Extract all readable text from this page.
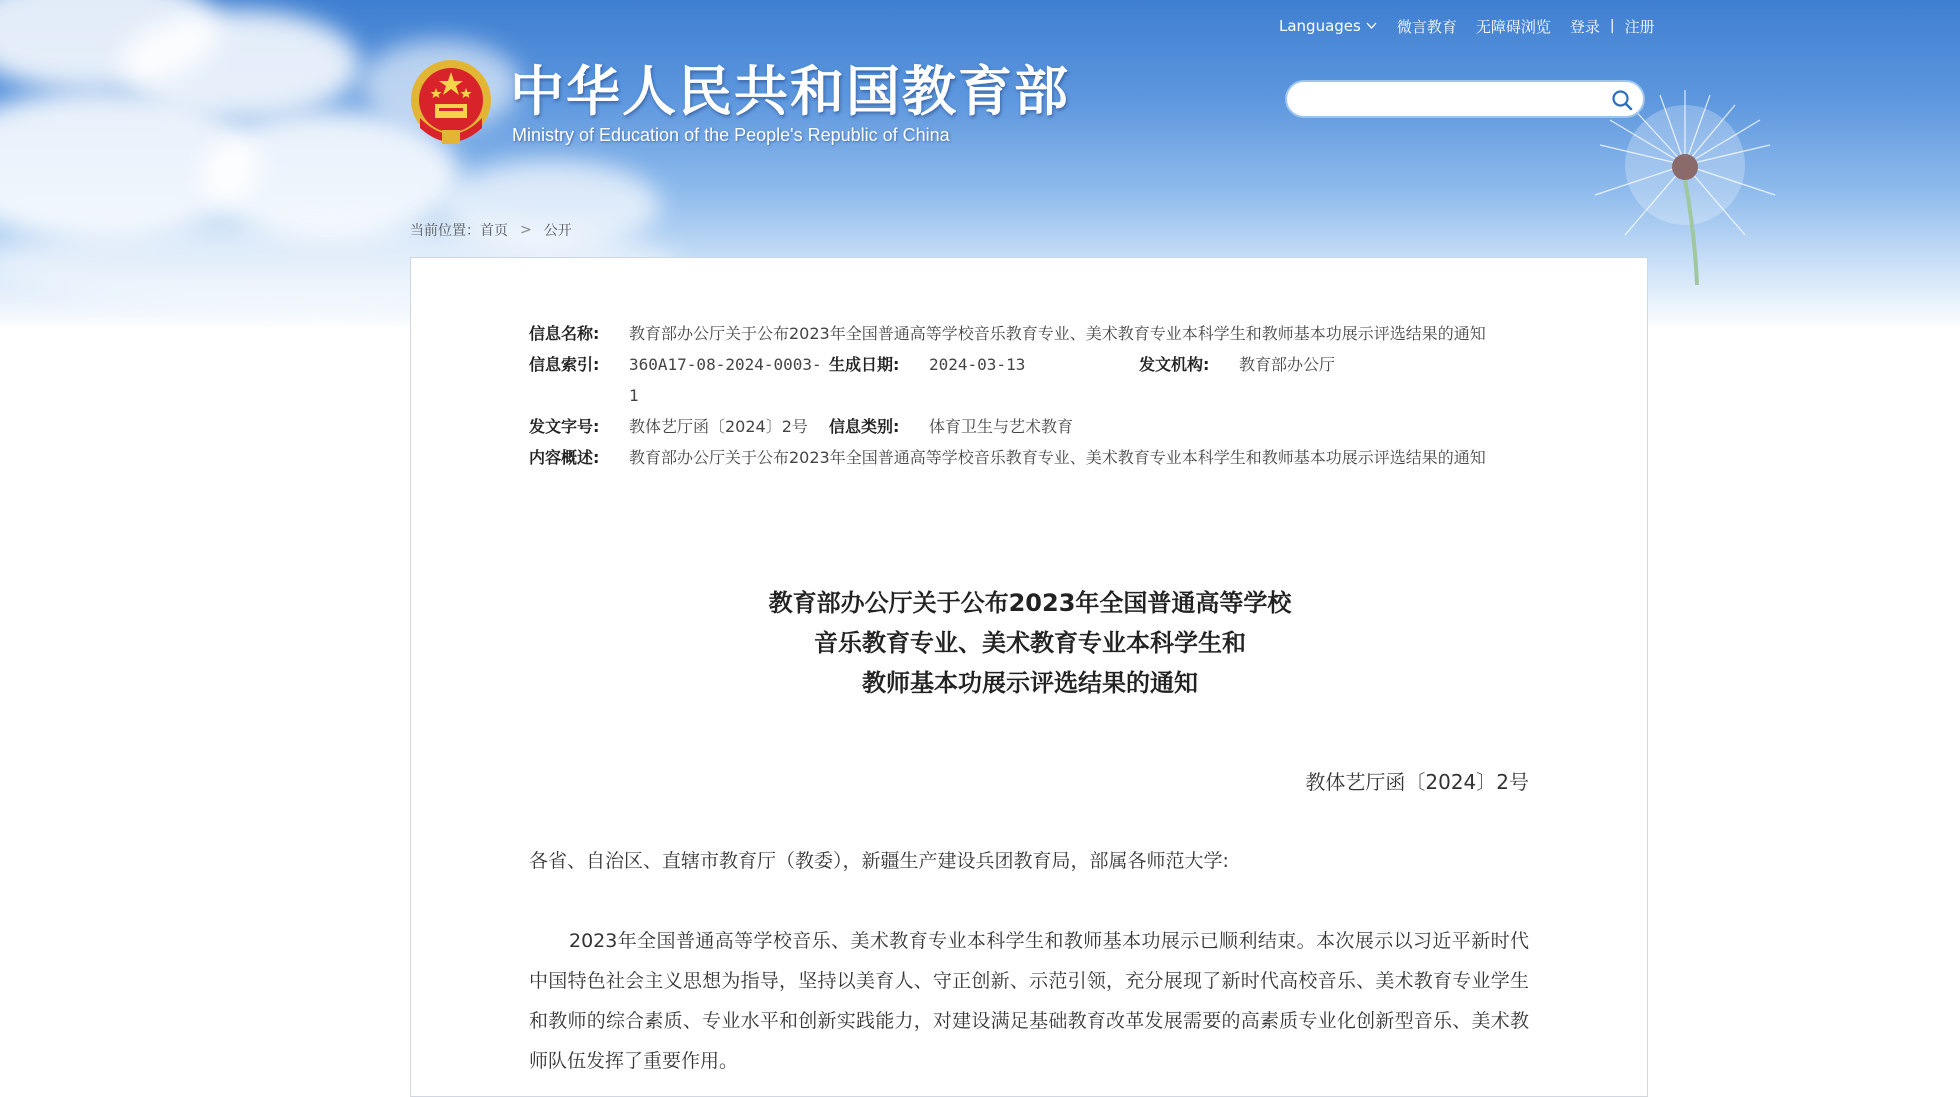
Languages 微言教育 无障碍浏览 登录 | 注册
中华人民共和国教育部
Ministry of Education of the People's Republic of China
当前位置： 首页 > 公开
信息名称:	教育部办公厅关于公布2023年全国普通高等学校音乐教育专业、美术教育专业本科学生和教师基本功展示评选结果的通知
信息索引:	360A17-08-2024-0003-1
生成日期:	2024-03-13	发文机构:	教育部办公厅
发文字号:	教体艺厅函〔2024〕2号	信息类别:	体育卫生与艺术教育
内容概述:	教育部办公厅关于公布2023年全国普通高等学校音乐教育专业、美术教育专业本科学生和教师基本功展示评选结果的通知
教育部办公厅关于公布2023年全国普通高等学校
音乐教育专业、美术教育专业本科学生和
教师基本功展示评选结果的通知
教体艺厅函〔2024〕2号
各省、自治区、直辖市教育厅（教委），新疆生产建设兵团教育局，部属各师范大学:
2023年全国普通高等学校音乐、美术教育专业本科学生和教师基本功展示已顺利结束。本次展示以习近平新时代中国特色社会主义思想为指导，坚持以美育人、守正创新、示范引领，充分展现了新时代高校音乐、美术教育专业学生和教师的综合素质、专业水平和创新实践能力，对建设满足基础教育改革发展需要的高素质专业化创新型音乐、美术教师队伍发挥了重要作用。
